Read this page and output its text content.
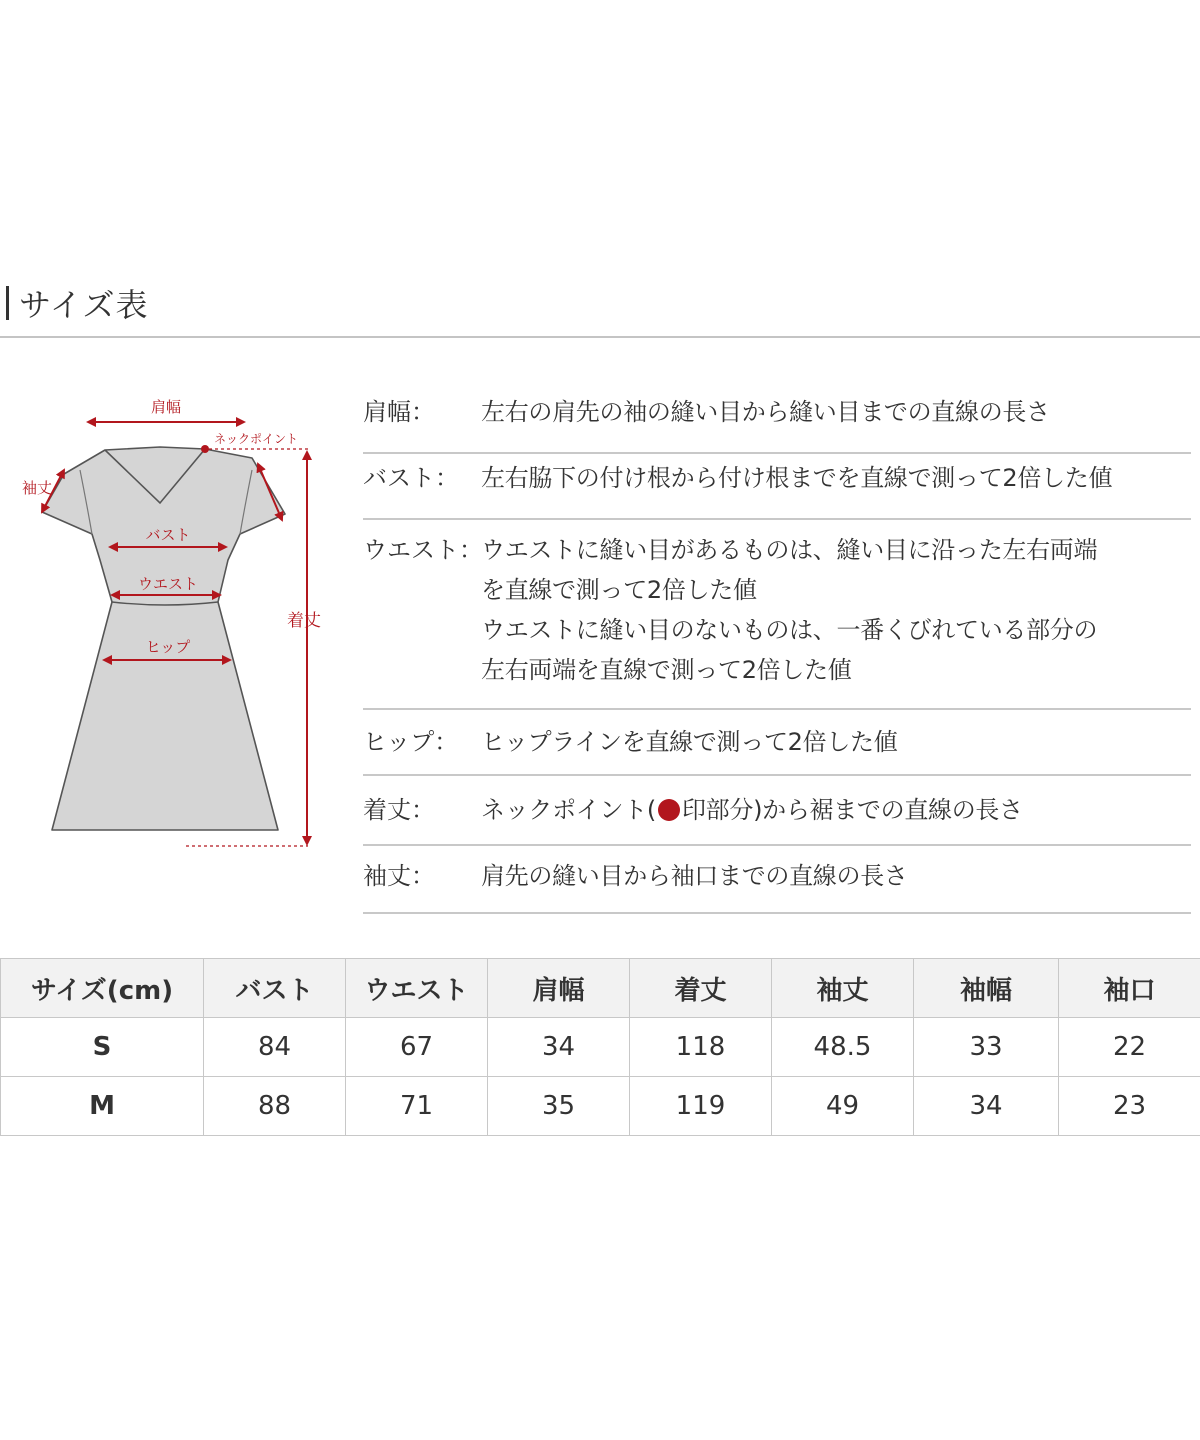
サイズ表
肩幅
ネックポイント
袖丈
バスト
ウエスト
ヒップ
着丈
肩幅：	左右の肩先の袖の縫い目から縫い目までの直線の長さ
バスト： 左右脇下の付け根から付け根までを直線で測って2倍した値
ウエスト：
ウエストに縫い目があるものは、縫い目に沿った左右両端
を直線で測って2倍した値
ウエストに縫い目のないものは、一番くびれている部分の
左右両端を直線で測って2倍した値
ヒップ： ヒップラインを直線で測って2倍した値
着丈：	ネックポイント( 印部分)から裾までの直線の長さ
袖丈：	肩先の縫い目から袖口までの直線の長さ
サイズ(cm)	バスト	ウエスト	肩幅	着丈	袖丈	袖幅	袖口
S	84	67	34	118	48.5	33	22
M	88	71	35	119	49	34	23
